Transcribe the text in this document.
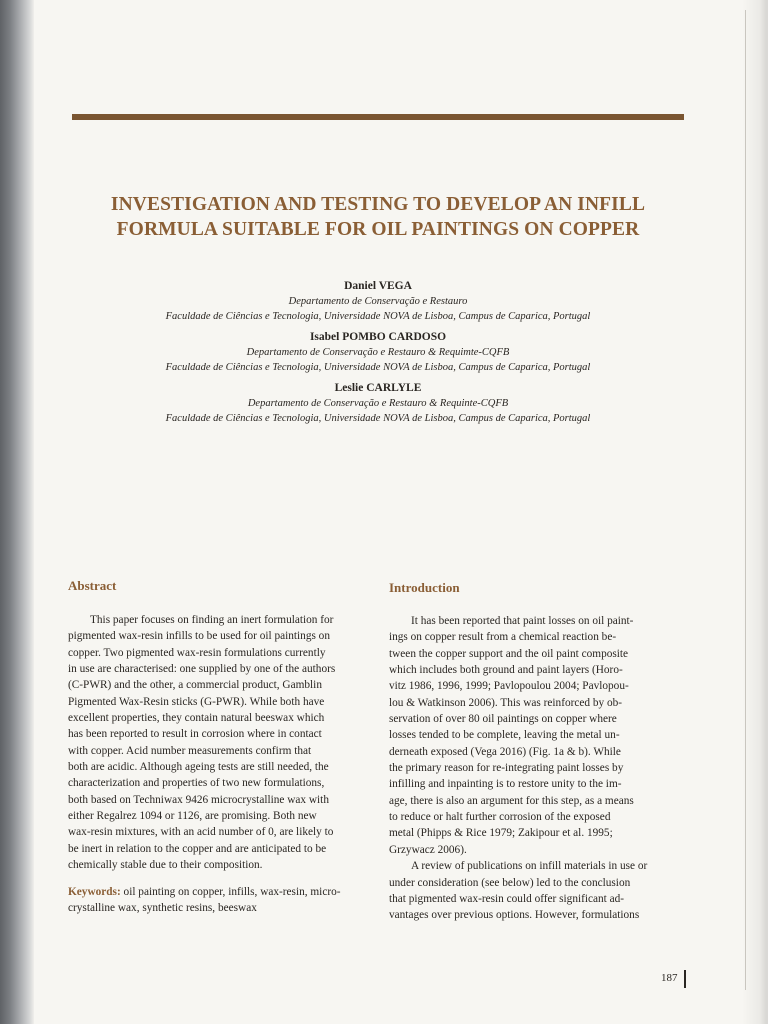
INVESTIGATION AND TESTING TO DEVELOP AN INFILL
FORMULA SUITABLE FOR OIL PAINTINGS ON COPPER
Daniel VEGA
Departamento de Conservação e Restauro
Faculdade de Ciências e Tecnologia, Universidade NOVA de Lisboa, Campus de Caparica, Portugal
Isabel POMBO CARDOSO
Departamento de Conservação e Restauro & Requimte-CQFB
Faculdade de Ciências e Tecnologia, Universidade NOVA de Lisboa, Campus de Caparica, Portugal
Leslie CARLYLE
Departamento de Conservação e Restauro & Requinte-CQFB
Faculdade de Ciências e Tecnologia, Universidade NOVA de Lisboa, Campus de Caparica, Portugal
Abstract	Introduction
This paper focuses on finding an inert formulation for
pigmented wax-resin infills to be used for oil paintings on
copper. Two pigmented wax-resin formulations currently
in use are characterised: one supplied by one of the authors
(C-PWR) and the other, a commercial product, Gamblin
Pigmented Wax-Resin sticks (G-PWR). While both have
excellent properties, they contain natural beeswax which
has been reported to result in corrosion where in contact
with copper. Acid number measurements confirm that
both are acidic. Although ageing tests are still needed, the
characterization and properties of two new formulations,
both based on Techniwax 9426 microcrystalline wax with
either Regalrez 1094 or 1126, are promising. Both new
wax-resin mixtures, with an acid number of 0, are likely to
be inert in relation to the copper and are anticipated to be
chemically stable due to their composition.
Keywords: oil painting on copper, infills, wax-resin, micro-
crystalline wax, synthetic resins, beeswax
It has been reported that paint losses on oil paint-
ings on copper result from a chemical reaction be-
tween the copper support and the oil paint composite
which includes both ground and paint layers (Horo-
vitz 1986, 1996, 1999; Pavlopoulou 2004; Pavlopou-
lou & Watkinson 2006). This was reinforced by ob-
servation of over 80 oil paintings on copper where
losses tended to be complete, leaving the metal un-
derneath exposed (Vega 2016) (Fig. 1a & b). While
the primary reason for re-integrating paint losses by
infilling and inpainting is to restore unity to the im-
age, there is also an argument for this step, as a means
to reduce or halt further corrosion of the exposed
metal (Phipps & Rice 1979; Zakipour et al. 1995;
Grzywacz 2006).
A review of publications on infill materials in use or
under consideration (see below) led to the conclusion
that pigmented wax-resin could offer significant ad-
vantages over previous options. However, formulations
187
